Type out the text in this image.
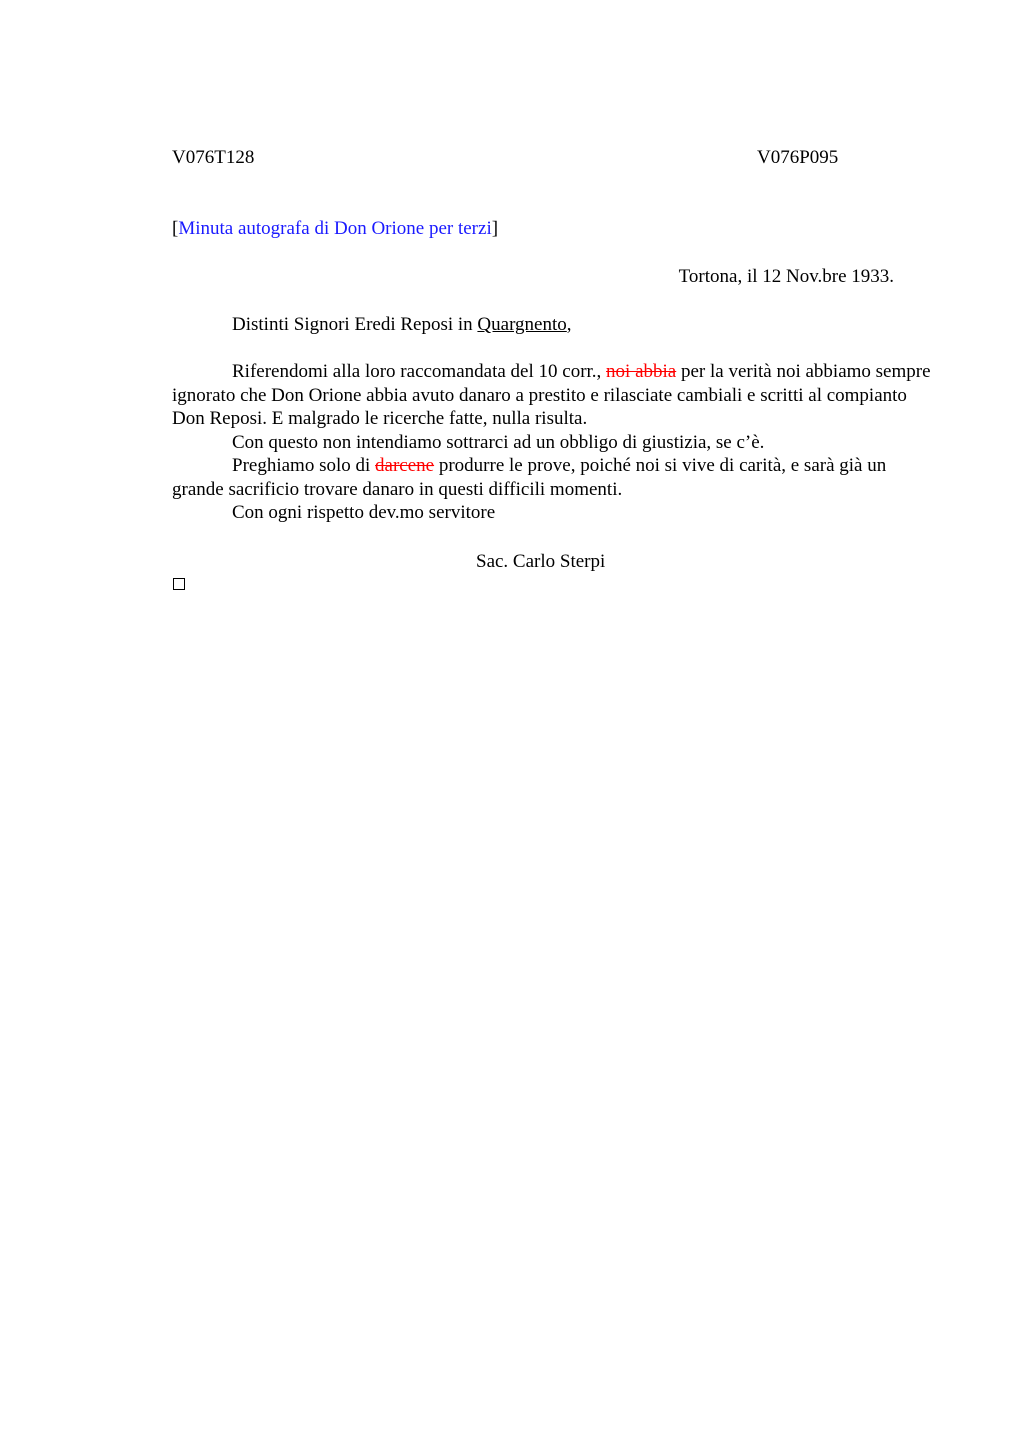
V076T128	V076P095
[Minuta autografa di Don Orione per terzi]
Tortona, il 12 Nov.bre 1933.
Distinti Signori Eredi Reposi in Quargnento,

Riferendomi alla loro raccomandata del 10 corr., noi abbia per la verità noi abbiamo sempre ignorato che Don Orione abbia avuto danaro a prestito e rilasciate cambiali e scritti al compianto Don Reposi. E malgrado le ricerche fatte, nulla risulta.

Con questo non intendiamo sottrarci ad un obbligo di giustizia, se c’è.

Preghiamo solo di darcene produrre le prove, poiché noi si vive di carità, e sarà già un grande sacrificio trovare danaro in questi difficili momenti.

Con ogni rispetto dev.mo servitore

Sac. Carlo Sterpi
